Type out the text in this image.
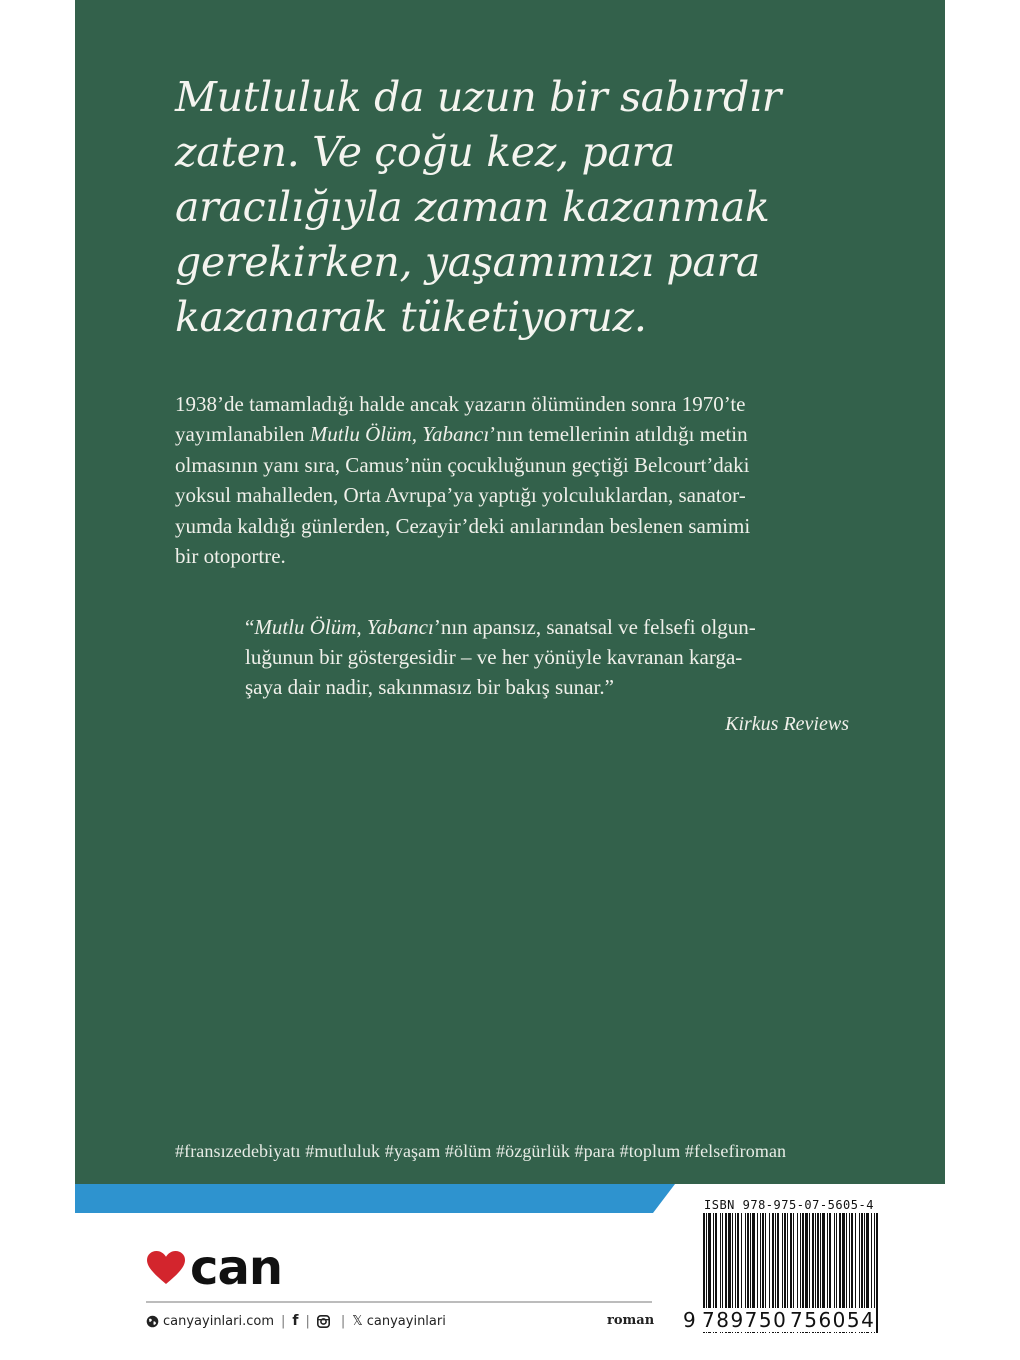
Mutluluk da uzun bir sabırdır
zaten. Ve çoğu kez, para
aracılığıyla zaman kazanmak
gerekirken, yaşamımızı para
kazanarak tüketiyoruz.
1938’de tamamladığı halde ancak yazarın ölümünden sonra 1970’te
yayımlanabilen Mutlu Ölüm, Yabancı’nın temellerinin atıldığı metin
olmasının yanı sıra, Camus’nün çocukluğunun geçtiği Belcourt’daki
yoksul mahalleden, Orta Avrupa’ya yaptığı yolculuklardan, sanator-
yumda kaldığı günlerden, Cezayir’deki anılarından beslenen samimi
bir otoportre.
“Mutlu Ölüm, Yabancı’nın apansız, sanatsal ve felsefi olgun-
luğunun bir göstergesidir – ve her yönüyle kavranan karga-
şaya dair nadir, sakınmasız bir bakış sunar.”
Kirkus Reviews
#fransızedebiyatı #mutluluk #yaşam #ölüm #özgürlük #para #toplum #felsefiroman
can
canyayinlari.com | f | | 𝕏 canyayinlari	roman
ISBN 978-975-07-5605-4
9 789750 756054
